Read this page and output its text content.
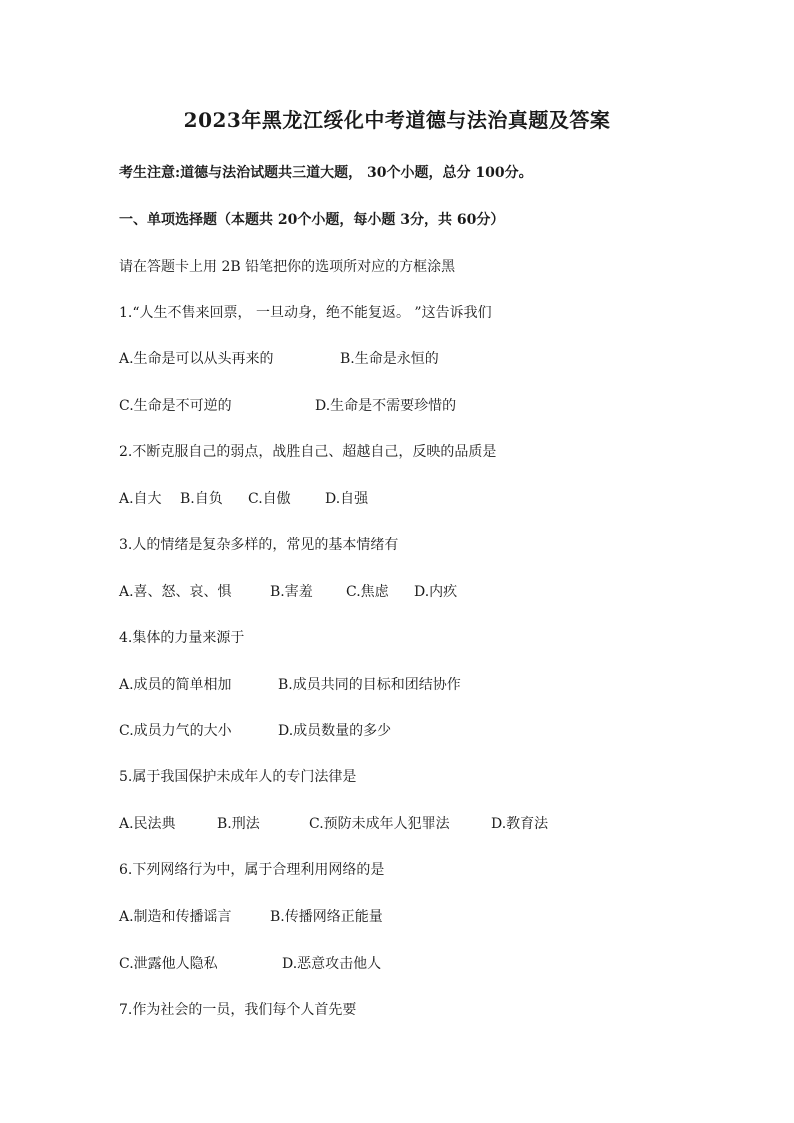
2023年黑龙江绥化中考道德与法治真题及答案
考生注意:道德与法治试题共三道大题， 30个小题，总分 100分。
一、单项选择题（本题共 20个小题，每小题 3分，共 60分）
请在答题卡上用 2B 铅笔把你的选项所对应的方框涂黑
1.“人生不售来回票， 一旦动身，绝不能复返。 ”这告诉我们
A.生命是可以从头再来的	B.生命是永恒的
C.生命是不可逆的	D.生命是不需要珍惜的
2.不断克服自己的弱点，战胜自己、超越自己，反映的品质是
A.自大 B.自负 C.自傲 D.自强
3.人的情绪是复杂多样的，常见的基本情绪有
A.喜、怒、哀、惧	B.害羞 C.焦虑 D.内疚
4.集体的力量来源于
A.成员的简单相加	B.成员共同的目标和团结协作
C.成员力气的大小	D.成员数量的多少
5.属于我国保护未成年人的专门法律是
A.民法典	B.刑法	C.预防未成年人犯罪法	D.教育法
6.下列网络行为中，属于合理利用网络的是
A.制造和传播谣言	B.传播网络正能量
C.泄露他人隐私	D.恶意攻击他人
7.作为社会的一员，我们每个人首先要
